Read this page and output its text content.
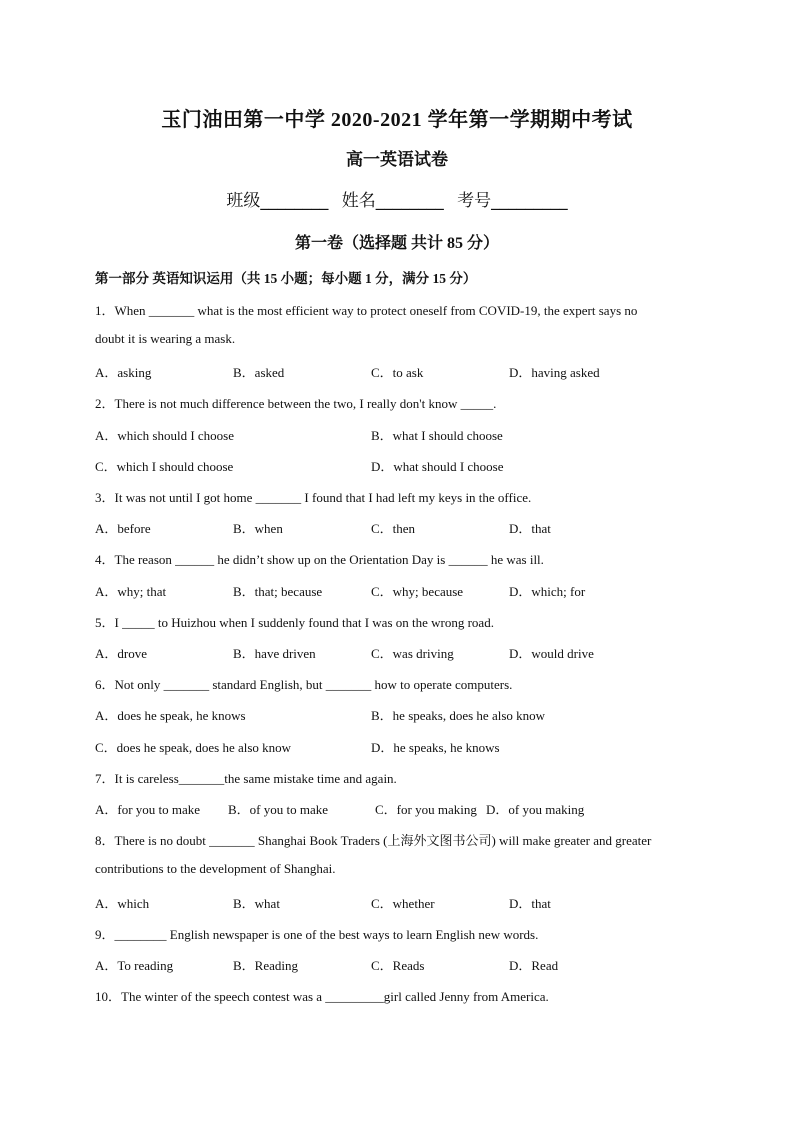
玉门油田第一中学 2020-2021 学年第一学期期中考试
高一英语试卷
班级________ 姓名________ 考号_________
第一卷（选择题 共计 85 分）
第一部分 英语知识运用（共 15 小题；每小题 1 分，满分 15 分）
1．When _______ what is the most efficient way to protect oneself from COVID-19, the expert says no
doubt it is wearing a mask.
A．asking	B．asked	C．to ask	D．having asked
2．There is not much difference between the two, I really don't know _____.
A．which should I choose	B．what I should choose
C．which I should choose	D．what should I choose
3．It was not until I got home _______ I found that I had left my keys in the office.
A．before	B．when	C．then	D．that
4．The reason ______ he didn’t show up on the Orientation Day is ______ he was ill.
A．why; that	B．that; because	C．why; because	D．which; for
5．I _____ to Huizhou when I suddenly found that I was on the wrong road.
A．drove	B．have driven	C．was driving	D．would drive
6．Not only _______ standard English, but _______ how to operate computers.
A．does he speak, he knows	B．he speaks, does he also know
C．does he speak, does he also know	D．he speaks, he knows
7．It is careless_______the same mistake time and again.
A．for you to make B．of you to make	C．for you making D．of you making
8．There is no doubt _______ Shanghai Book Traders (上海外文图书公司) will make greater and greater
contributions to the development of Shanghai.
A．which	B．what	C．whether	D．that
9．________ English newspaper is one of the best ways to learn English new words.
A．To reading	B．Reading	C．Reads	D．Read
10．The winter of the speech contest was a _________girl called Jenny from America.
